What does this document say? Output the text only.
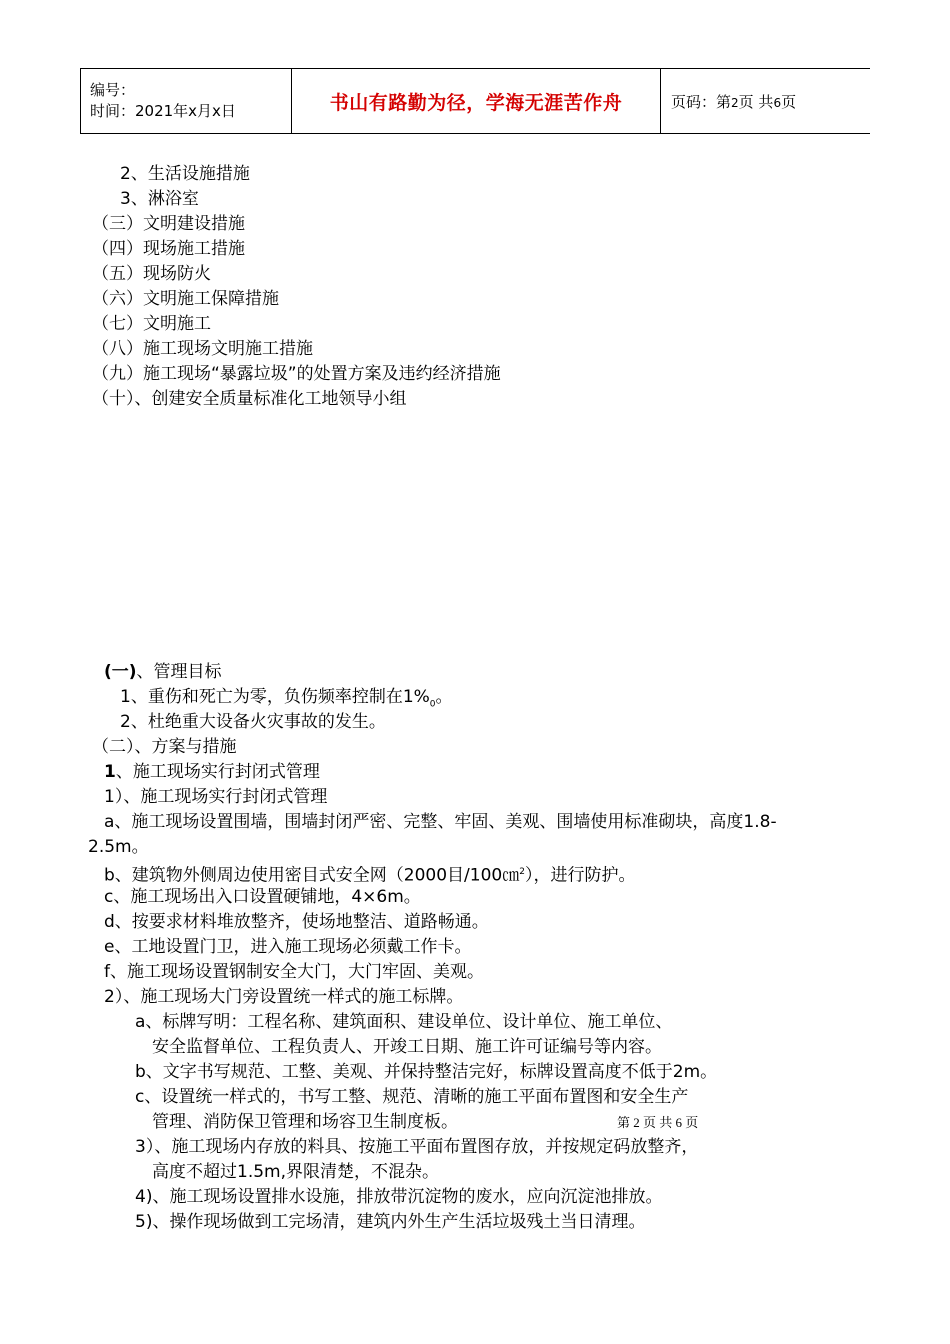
编号：
时间：2021年x月x日	书山有路勤为径，学海无涯苦作舟	页码：第2页 共6页
2、生活设施措施
3、淋浴室
（三）文明建设措施
（四）现场施工措施
（五）现场防火
（六）文明施工保障措施
（七）文明施工
（八）施工现场文明施工措施
（九）施工现场“暴露垃圾”的处置方案及违约经济措施
（十）、创建安全质量标准化工地领导小组
(一)、管理目标
1、重伤和死亡为零，负伤频率控制在$1\%_0$。
2、杜绝重大设备火灾事故的发生。
（二）、方案与措施
1、施工现场实行封闭式管理
1）、施工现场实行封闭式管理
a、施工现场设置围墙，围墙封闭严密、完整、牢固、美观、围墙使用标准砌块，高度1.8-
2.5m。
b、建筑物外侧周边使用密目式安全网（2000目/100㎝$^2$），进行防护。
c、施工现场出入口设置硬铺地，4×6m。
d、按要求材料堆放整齐，使场地整洁、道路畅通。
e、工地设置门卫，进入施工现场必须戴工作卡。
f、施工现场设置钢制安全大门，大门牢固、美观。
2）、施工现场大门旁设置统一样式的施工标牌。
a、标牌写明：工程名称、建筑面积、建设单位、设计单位、施工单位、
安全监督单位、工程负责人、开竣工日期、施工许可证编号等内容。
b、文字书写规范、工整、美观、并保持整洁完好，标牌设置高度不低于2m。
c、设置统一样式的，书写工整、规范、清晰的施工平面布置图和安全生产
管理、消防保卫管理和场容卫生制度板。	第 2 页 共 6 页
3）、施工现场内存放的料具、按施工平面布置图存放，并按规定码放整齐，
高度不超过1.5m,界限清楚，不混杂。
4)、施工现场设置排水设施，排放带沉淀物的废水，应向沉淀池排放。
5)、操作现场做到工完场清，建筑内外生产生活垃圾残土当日清理。
